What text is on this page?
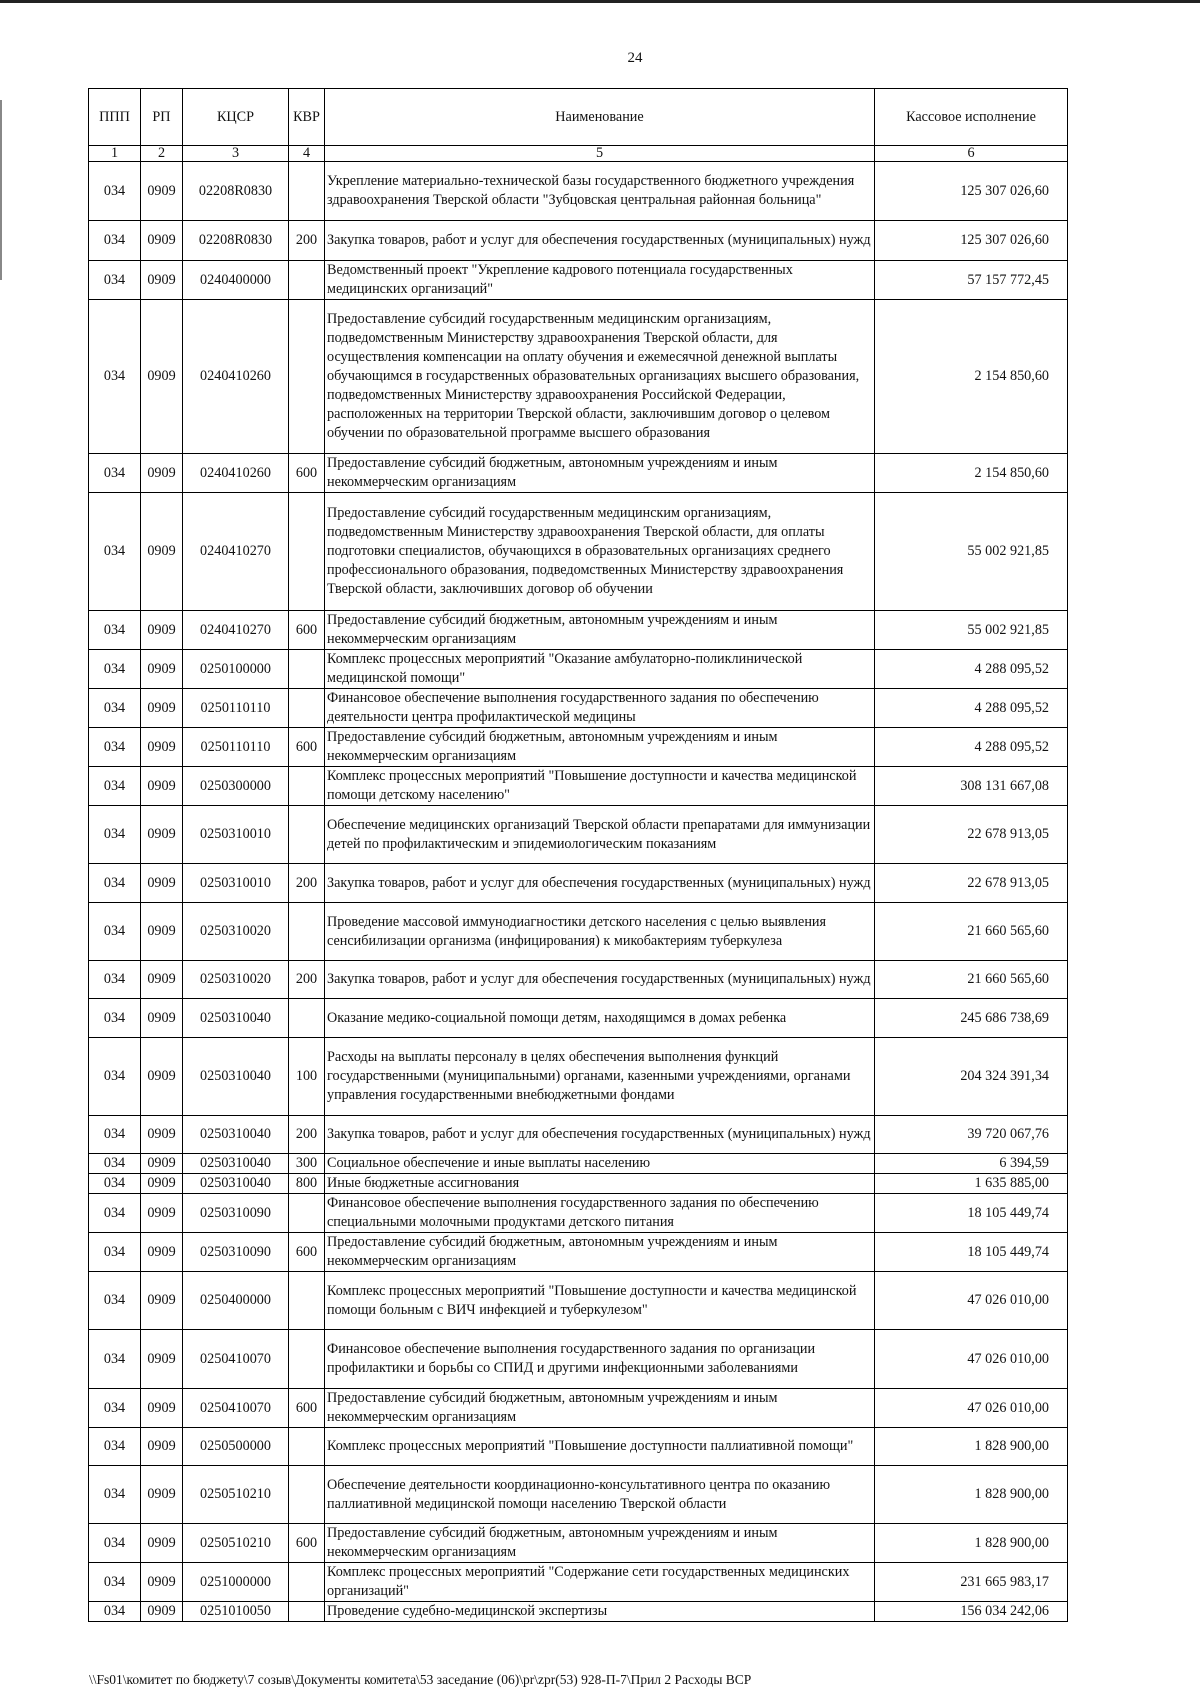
24
ППП	РП	КЦСР	КВР	Наименование	Кассовое исполнение
1	2	3	4	5	6
034	0909	02208R0830		Укрепление материально-технической базы государственного бюджетного учреждения здравоохранения Тверской области "Зубцовская центральная районная больница"	125 307 026,60
034	0909	02208R0830	200	Закупка товаров, работ и услуг для обеспечения государственных (муниципальных) нужд	125 307 026,60
034	0909	0240400000		Ведомственный проект "Укрепление кадрового потенциала государственных медицинских организаций"	57 157 772,45
034	0909	0240410260		Предоставление субсидий государственным медицинским организациям, подведомственным Министерству здравоохранения Тверской области, для осуществления компенсации на оплату обучения и ежемесячной денежной выплаты обучающимся в государственных образовательных организациях высшего образования, подведомственных Министерству здравоохранения Российской Федерации, расположенных на территории Тверской области, заключившим договор о целевом обучении по образовательной программе высшего образования	2 154 850,60
034	0909	0240410260	600	Предоставление субсидий бюджетным, автономным учреждениям и иным некоммерческим организациям	2 154 850,60
034	0909	0240410270		Предоставление субсидий государственным медицинским организациям, подведомственным Министерству здравоохранения Тверской области, для оплаты подготовки специалистов, обучающихся в образовательных организациях среднего профессионального образования, подведомственных Министерству здравоохранения Тверской области, заключивших договор об обучении	55 002 921,85
034	0909	0240410270	600	Предоставление субсидий бюджетным, автономным учреждениям и иным некоммерческим организациям	55 002 921,85
034	0909	0250100000		Комплекс процессных мероприятий "Оказание амбулаторно-поликлинической медицинской помощи"	4 288 095,52
034	0909	0250110110		Финансовое обеспечение выполнения государственного задания по обеспечению деятельности центра профилактической медицины	4 288 095,52
034	0909	0250110110	600	Предоставление субсидий бюджетным, автономным учреждениям и иным некоммерческим организациям	4 288 095,52
034	0909	0250300000		Комплекс процессных мероприятий "Повышение доступности и качества медицинской помощи детскому населению"	308 131 667,08
034	0909	0250310010		Обеспечение медицинских организаций Тверской области препаратами для иммунизации детей по профилактическим и эпидемиологическим показаниям	22 678 913,05
034	0909	0250310010	200	Закупка товаров, работ и услуг для обеспечения государственных (муниципальных) нужд	22 678 913,05
034	0909	0250310020		Проведение массовой иммунодиагностики детского населения с целью выявления сенсибилизации организма (инфицирования) к микобактериям туберкулеза	21 660 565,60
034	0909	0250310020	200	Закупка товаров, работ и услуг для обеспечения государственных (муниципальных) нужд	21 660 565,60
034	0909	0250310040		Оказание медико-социальной помощи детям, находящимся в домах ребенка	245 686 738,69
034	0909	0250310040	100	Расходы на выплаты персоналу в целях обеспечения выполнения функций государственными (муниципальными) органами, казенными учреждениями, органами управления государственными внебюджетными фондами	204 324 391,34
034	0909	0250310040	200	Закупка товаров, работ и услуг для обеспечения государственных (муниципальных) нужд	39 720 067,76
034	0909	0250310040	300	Социальное обеспечение и иные выплаты населению	6 394,59
034	0909	0250310040	800	Иные бюджетные ассигнования	1 635 885,00
034	0909	0250310090		Финансовое обеспечение выполнения государственного задания по обеспечению специальными молочными продуктами детского питания	18 105 449,74
034	0909	0250310090	600	Предоставление субсидий бюджетным, автономным учреждениям и иным некоммерческим организациям	18 105 449,74
034	0909	0250400000		Комплекс процессных мероприятий "Повышение доступности и качества медицинской помощи больным с ВИЧ инфекцией и туберкулезом"	47 026 010,00
034	0909	0250410070		Финансовое обеспечение выполнения государственного задания по организации профилактики и борьбы со СПИД и другими инфекционными заболеваниями	47 026 010,00
034	0909	0250410070	600	Предоставление субсидий бюджетным, автономным учреждениям и иным некоммерческим организациям	47 026 010,00
034	0909	0250500000		Комплекс процессных мероприятий "Повышение доступности паллиативной помощи"	1 828 900,00
034	0909	0250510210		Обеспечение деятельности координационно-консультативного центра по оказанию паллиативной медицинской помощи населению Тверской области	1 828 900,00
034	0909	0250510210	600	Предоставление субсидий бюджетным, автономным учреждениям и иным некоммерческим организациям	1 828 900,00
034	0909	0251000000		Комплекс процессных мероприятий "Содержание сети государственных медицинских организаций"	231 665 983,17
034	0909	0251010050		Проведение судебно-медицинской экспертизы	156 034 242,06
\\Fs01\комитет по бюджету\7 созыв\Документы комитета\53 заседание (06)\pr\zpr(53) 928-П-7\Прил 2 Расходы ВСР
